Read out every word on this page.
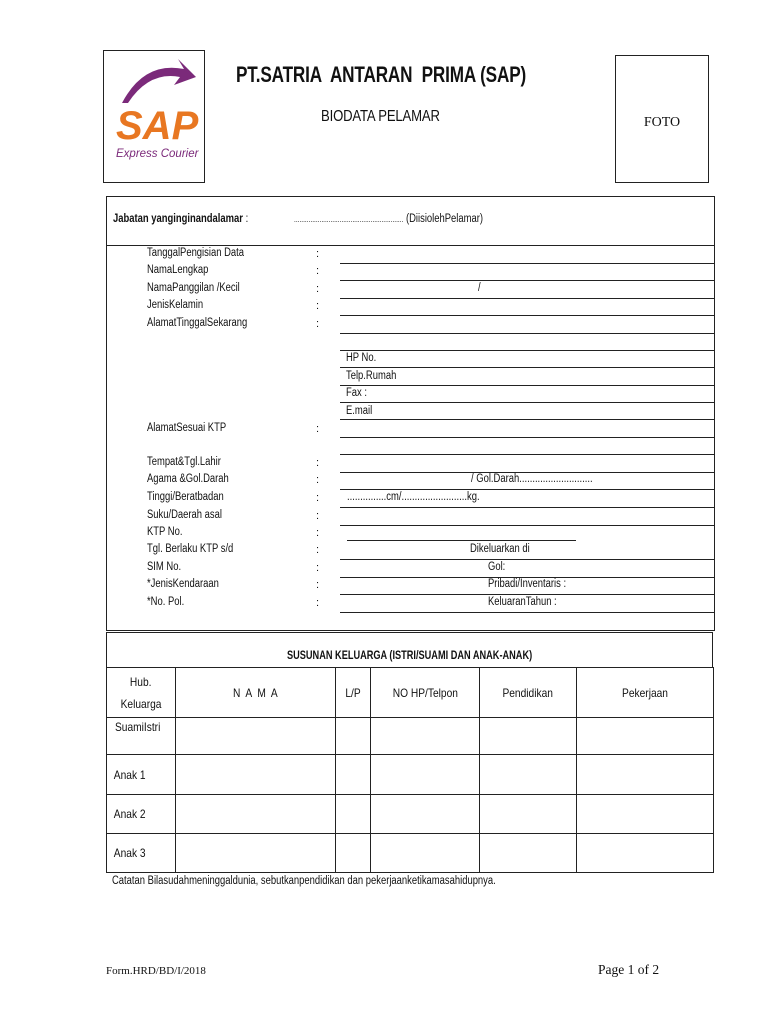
SAP
Express Courier
PT.SATRIA  ANTARAN  PRIMA (SAP)
BIODATA PELAMAR	FOTO
Jabatan yanginginandalamar :	............................................................ (DiisiolehPelamar)
TanggalPengisian Data	:
NamaLengkap	:
NamaPanggilan /Kecil	:	/
JenisKelamin	:
AlamatTinggalSekarang	:
HP No.
Telp.Rumah
Fax :
E.mail
AlamatSesuai KTP	:
Tempat&Tgl.Lahir	:
Agama &Gol.Darah	:	/ Gol.Darah............................
Tinggi/Beratbadan	: ...............cm/.........................kg.
Suku/Daerah asal	:
KTP No.	:
Tgl. Berlaku KTP s/d	:	Dikeluarkan di
SIM No.	:	Gol:
*JenisKendaraan	:	Pribadi/Inventaris :
*No. Pol.	:	KeluaranTahun :
SUSUNAN KELUARGA (ISTRI/SUAMI DAN ANAK-ANAK)
Hub.
Keluarga	N  A  M  A	L/P	NO HP/Telpon	Pendidikan	Pekerjaan
SuamiIstri					
Anak 1					
Anak 2					
Anak 3					
Catatan Bilasudahmeninggaldunia, sebutkanpendidikan dan pekerjaanketikamasahidupnya.
Form.HRD/BD/I/2018	Page 1 of 2
